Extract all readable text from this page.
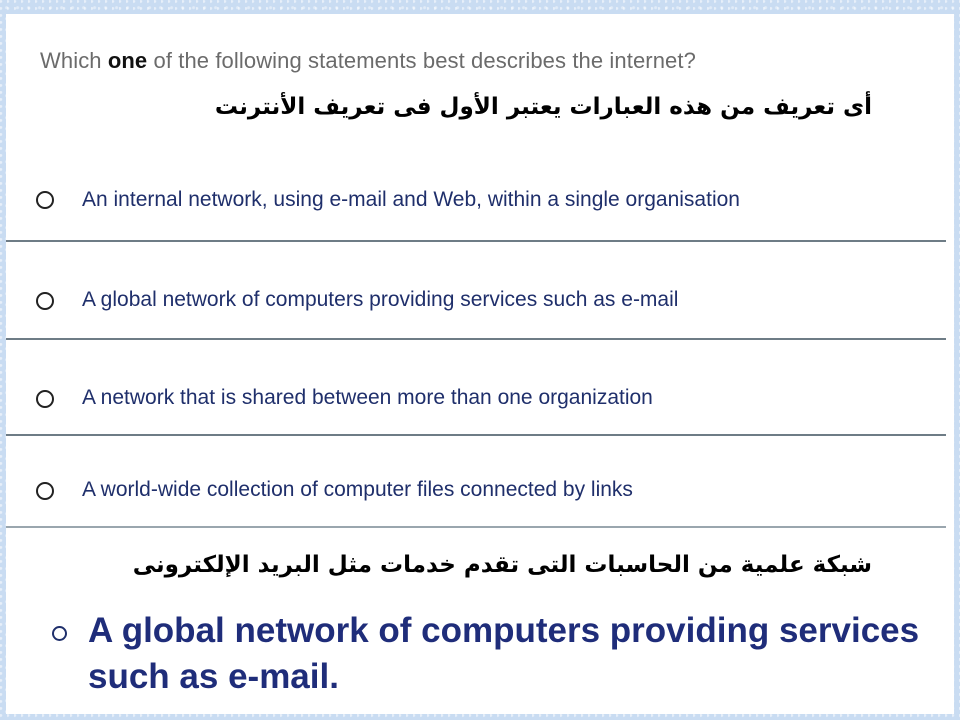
Which one of the following statements best describes the internet?
أى تعريف من هذه العبارات يعتبر الأول فى تعريف الأنترنت
An internal network, using e-mail and Web, within a single organisation
A global network of computers providing services such as e-mail
A network that is shared between more than one organization
A world-wide collection of computer files connected by links
شبكة علمية من الحاسبات التى تقدم خدمات مثل البريد الإلكترونى
A global network of computers providing services such as e-mail.
